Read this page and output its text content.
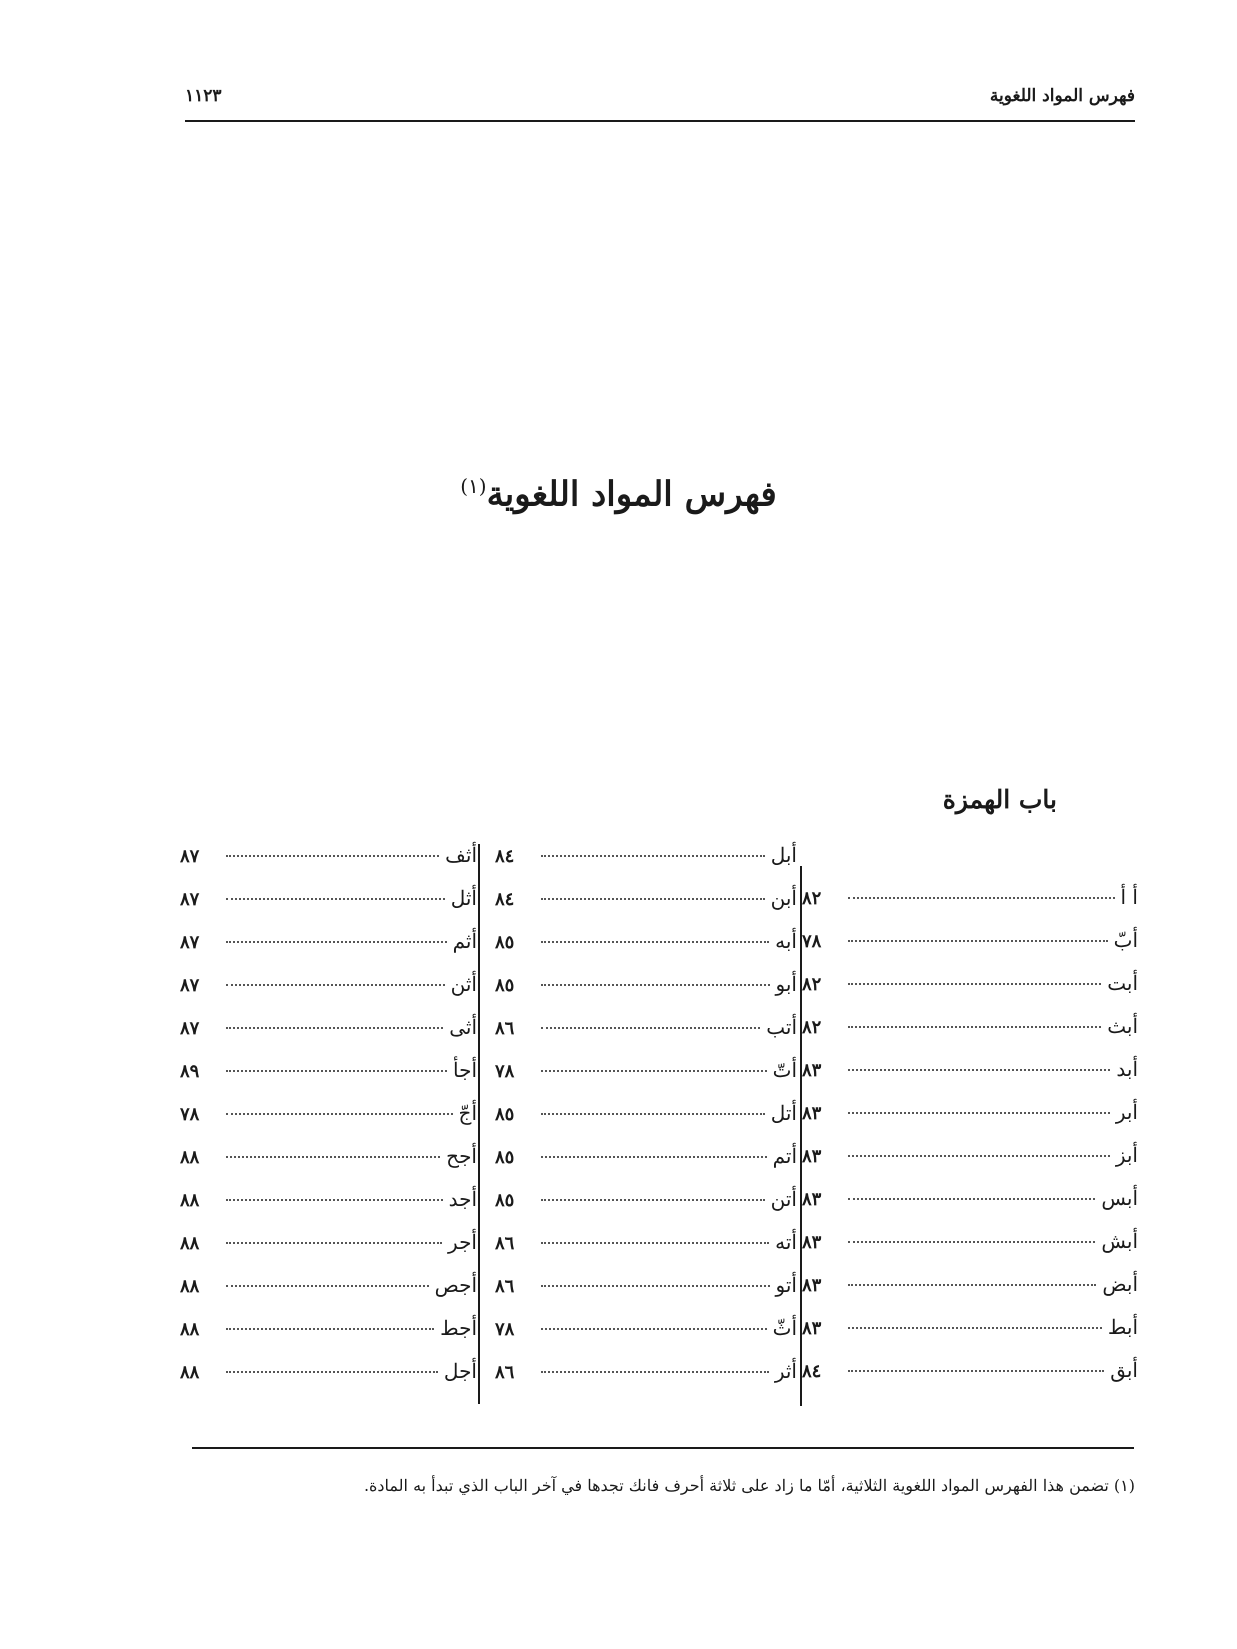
فهرس المواد اللغوية
١١٢٣
فهرس المواد اللغوية$^{(١)}$
باب الهمزة
أ أ
٨٢
أبّ
٧٨
أبت
٨٢
أبث
٨٢
أبد
٨٣
أبر
٨٣
أبز
٨٣
أبس
٨٣
أبش
٨٣
أبض
٨٣
أبط
٨٣
أبق
٨٤
أبل
٨٤
أبن
٨٤
أبه
٨٥
أبو
٨٥
أتب
٨٦
أتّ
٧٨
أتل
٨٥
أتم
٨٥
أتن
٨٥
أته
٨٦
أتو
٨٦
أثّ
٧٨
أثر
٨٦
أثف
٨٧
أثل
٨٧
أثم
٨٧
أثن
٨٧
أثى
٨٧
أجأ
٨٩
أجّ
٧٨
أجح
٨٨
أجد
٨٨
أجر
٨٨
أجص
٨٨
أجط
٨٨
أجل
٨٨
(١) تضمن هذا الفهرس المواد اللغوية الثلاثية، أمّا ما زاد على ثلاثة أحرف فانك تجدها في آخر الباب الذي تبدأ به المادة.
